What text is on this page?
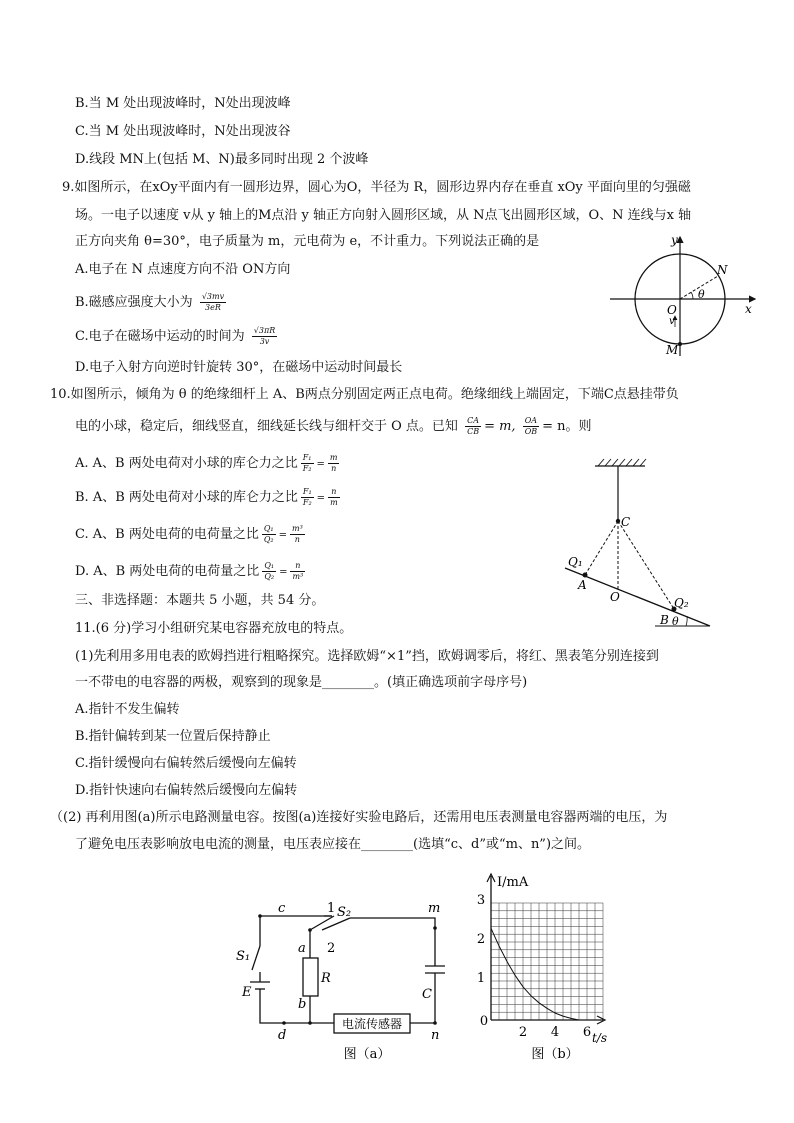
B.当 M 处出现波峰时，N处出现波峰
C.当 M 处出现波峰时，N处出现波谷
D.线段 MN上(包括 M、N)最多同时出现 2 个波峰
9.如图所示，在xOy平面内有一圆形边界，圆心为O，半径为 R，圆形边界内存在垂直 xOy 平面向里的匀强磁
场。一电子以速度 v从 y 轴上的M点沿 y 轴正方向射入圆形区域，从 N点飞出圆形区域，O、N 连线与x 轴
正方向夹角 θ=30°，电子质量为 m，元电荷为 e，不计重力。下列说法正确的是
A.电子在 N 点速度方向不沿 ON方向
B.磁感应强度大小为 $\frac{√3mv}{3eR}$
C.电子在磁场中运动的时间为 $\frac{√3\pi R}{3v}$
D.电子入射方向逆时针旋转 30°，在磁场中运动时间最长
y
x
N
O
θ
v
M
10.如图所示，倾角为 θ 的绝缘细杆上 A、B两点分别固定两正点电荷。绝缘细线上端固定，下端C点悬挂带负
电的小球，稳定后，细线竖直，细线延长线与细杆交于 O 点。已知 $\frac{CA}{CB} = m$, $\frac{OA}{OB} = n$。则
A. A、B 两处电荷对小球的库仑力之比 $\frac{\text{F₁}}{\text{F₂}} = \frac{m}{n}$
B. A、B 两处电荷对小球的库仑力之比 $\frac{\text{F₁}}{\text{F₂}} = \frac{n}{m}$
C. A、B 两处电荷的电荷量之比 $\frac{\text{Q₁}}{\text{Q₂}} = \frac{\text{m³}}{n}$
D. A、B 两处电荷的电荷量之比 $\frac{\text{Q₁}}{\text{Q₂}} = \frac{n}{\text{m³}}$
C
Q₁
A
O	Q₂
B θ
三、非选择题：本题共 5 小题，共 54 分。
11.(6 分)学习小组研究某电容器充放电的特点。
(1)先利用多用电表的欧姆挡进行粗略探究。选择欧姆“×1”挡，欧姆调零后，将红、黑表笔分别连接到
一不带电的电容器的两极，观察到的现象是________。(填正确选项前字母序号)
A.指针不发生偏转
B.指针偏转到某一位置后保持静止
C.指针缓慢向右偏转然后缓慢向左偏转
D.指针快速向右偏转然后缓慢向左偏转
（(2) 再利用图(a)所示电路测量电容。按图(a)连接好实验电路后，还需用电压表测量电容器两端的电压，为
了避免电压表影响放电电流的测量，电压表应接在________(选填“c、d”或“m、n”)之间。
c	1 S₂	m
S₁
a 2
R
E
b
C
d	n
电流传感器
图（a）
I/mA
t/s
3
2
1
0
2 4 6
图（b）
